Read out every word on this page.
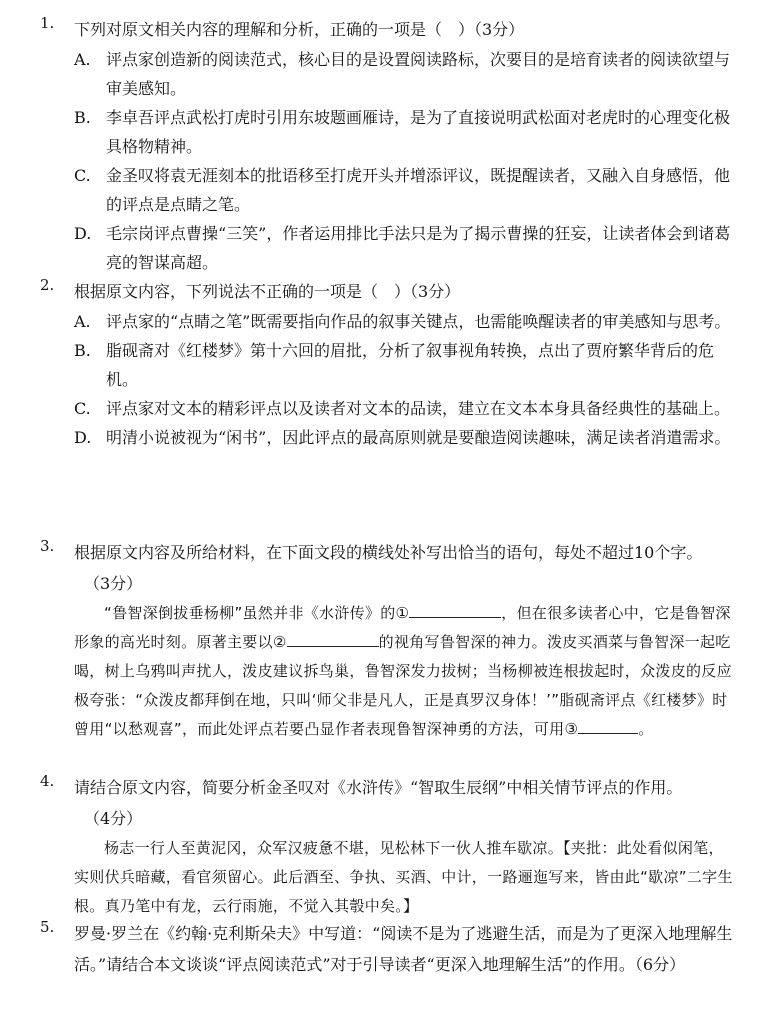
1. 下列对原文相关内容的理解和分析，正确的一项是（　）（3分）
A. 评点家创造新的阅读范式，核心目的是设置阅读路标，次要目的是培育读者的阅读欲望与审美感知。
B. 李卓吾评点武松打虎时引用东坡题画雁诗，是为了直接说明武松面对老虎时的心理变化极具格物精神。
C. 金圣叹将袁无涯刻本的批语移至打虎开头并增添评议，既提醒读者，又融入自身感悟，他的评点是点睛之笔。
D. 毛宗岗评点曹操“三笑”，作者运用排比手法只是为了揭示曹操的狂妄，让读者体会到诸葛亮的智谋高超。
2. 根据原文内容，下列说法不正确的一项是（　）（3分）
A. 评点家的“点睛之笔”既需要指向作品的叙事关键点，也需能唤醒读者的审美感知与思考。
B. 脂砚斋对《红楼梦》第十六回的眉批，分析了叙事视角转换，点出了贾府繁华背后的危机。
C. 评点家对文本的精彩评点以及读者对文本的品读，建立在文本本身具备经典性的基础上。
D. 明清小说被视为“闲书”，因此评点的最高原则就是要酿造阅读趣味，满足读者消遣需求。
3. 根据原文内容及所给材料，在下面文段的横线处补写出恰当的语句，每处不超过10个字。
（3分）
“鲁智深倒拔垂杨柳”虽然并非《水浒传》的①	，但在很多读者心中，它是鲁智深形象的高光时刻。原著主要以②	的视角写鲁智深的神力。泼皮买酒菜与鲁智深一起吃喝，树上乌鸦叫声扰人，泼皮建议拆鸟巢，鲁智深发力拔树；当杨柳被连根拔起时，众泼皮的反应极夸张：“众泼皮都拜倒在地，只叫‘师父非是凡人，正是真罗汉身体！’”脂砚斋评点《红楼梦》时曾用“以愁观喜”，而此处评点若要凸显作者表现鲁智深神勇的方法，可用③	。
4. 请结合原文内容，简要分析金圣叹对《水浒传》“智取生辰纲”中相关情节评点的作用。
（4分）
杨志一行人至黄泥冈，众军汉疲惫不堪，见松林下一伙人推车歇凉。【夹批：此处看似闲笔，实则伏兵暗藏，看官须留心。此后酒至、争执、买酒、中计，一路逦迤写来，皆由此“歇凉”二字生根。真乃笔中有龙，云行雨施，不觉入其彀中矣。】
5. 罗曼·罗兰在《约翰·克利斯朵夫》中写道：“阅读不是为了逃避生活，而是为了更深入地理解生活。”请结合本文谈谈“评点阅读范式”对于引导读者“更深入地理解生活”的作用。（6分）
